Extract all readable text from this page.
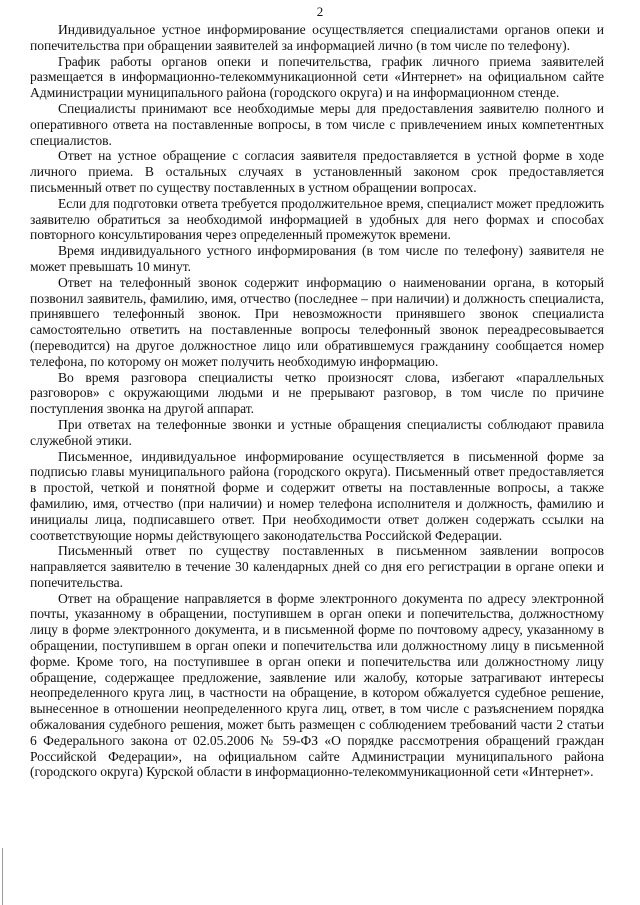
2

Индивидуальное устное информирование осуществляется специалистами органов опеки и попечительства при обращении заявителей за информацией лично (в том числе по телефону).

График работы органов опеки и попечительства, график личного приема заявителей размещается в информационно-телекоммуникационной сети «Интернет» на официальном сайте Администрации муниципального района (городского округа) и на информационном стенде.

Специалисты принимают все необходимые меры для предоставления заявителю полного и оперативного ответа на поставленные вопросы, в том числе с привлечением иных компетентных специалистов.

Ответ на устное обращение с согласия заявителя предоставляется в устной форме в ходе личного приема. В остальных случаях в установленный законом срок предоставляется письменный ответ по существу поставленных в устном обращении вопросах.

Если для подготовки ответа требуется продолжительное время, специалист может предложить заявителю обратиться за необходимой информацией в удобных для него формах и способах повторного консультирования через определенный промежуток времени.

Время индивидуального устного информирования (в том числе по телефону) заявителя не может превышать 10 минут.

Ответ на телефонный звонок содержит информацию о наименовании органа, в который позвонил заявитель, фамилию, имя, отчество (последнее – при наличии) и должность специалиста, принявшего телефонный звонок. При невозможности принявшего звонок специалиста самостоятельно ответить на поставленные вопросы телефонный звонок переадресовывается (переводится) на другое должностное лицо или обратившемуся гражданину сообщается номер телефона, по которому он может получить необходимую информацию.

Во время разговора специалисты четко произносят слова, избегают «параллельных разговоров» с окружающими людьми и не прерывают разговор, в том числе по причине поступления звонка на другой аппарат.

При ответах на телефонные звонки и устные обращения специалисты соблюдают правила служебной этики.

Письменное, индивидуальное информирование осуществляется в письменной форме за подписью главы муниципального района (городского округа). Письменный ответ предоставляется в простой, четкой и понятной форме и содержит ответы на поставленные вопросы, а также фамилию, имя, отчество (при наличии) и номер телефона исполнителя и должность, фамилию и инициалы лица, подписавшего ответ. При необходимости ответ должен содержать ссылки на соответствующие нормы действующего законодательства Российской Федерации.

Письменный ответ по существу поставленных в письменном заявлении вопросов направляется заявителю в течение 30 календарных дней со дня его регистрации в органе опеки и попечительства.

Ответ на обращение направляется в форме электронного документа по адресу электронной почты, указанному в обращении, поступившем в орган опеки и попечительства, должностному лицу в форме электронного документа, и в письменной форме по почтовому адресу, указанному в обращении, поступившем в орган опеки и попечительства или должностному лицу в письменной форме. Кроме того, на поступившее в орган опеки и попечительства или должностному лицу обращение, содержащее предложение, заявление или жалобу, которые затрагивают интересы неопределенного круга лиц, в частности на обращение, в котором обжалуется судебное решение, вынесенное в отношении неопределенного круга лиц, ответ, в том числе с разъяснением порядка обжалования судебного решения, может быть размещен с соблюдением требований части 2 статьи 6 Федерального закона от 02.05.2006 № 59-ФЗ «О порядке рассмотрения обращений граждан Российской Федерации», на официальном сайте Администрации муниципального района (городского округа) Курской области в информационно-телекоммуникационной сети «Интернет».
